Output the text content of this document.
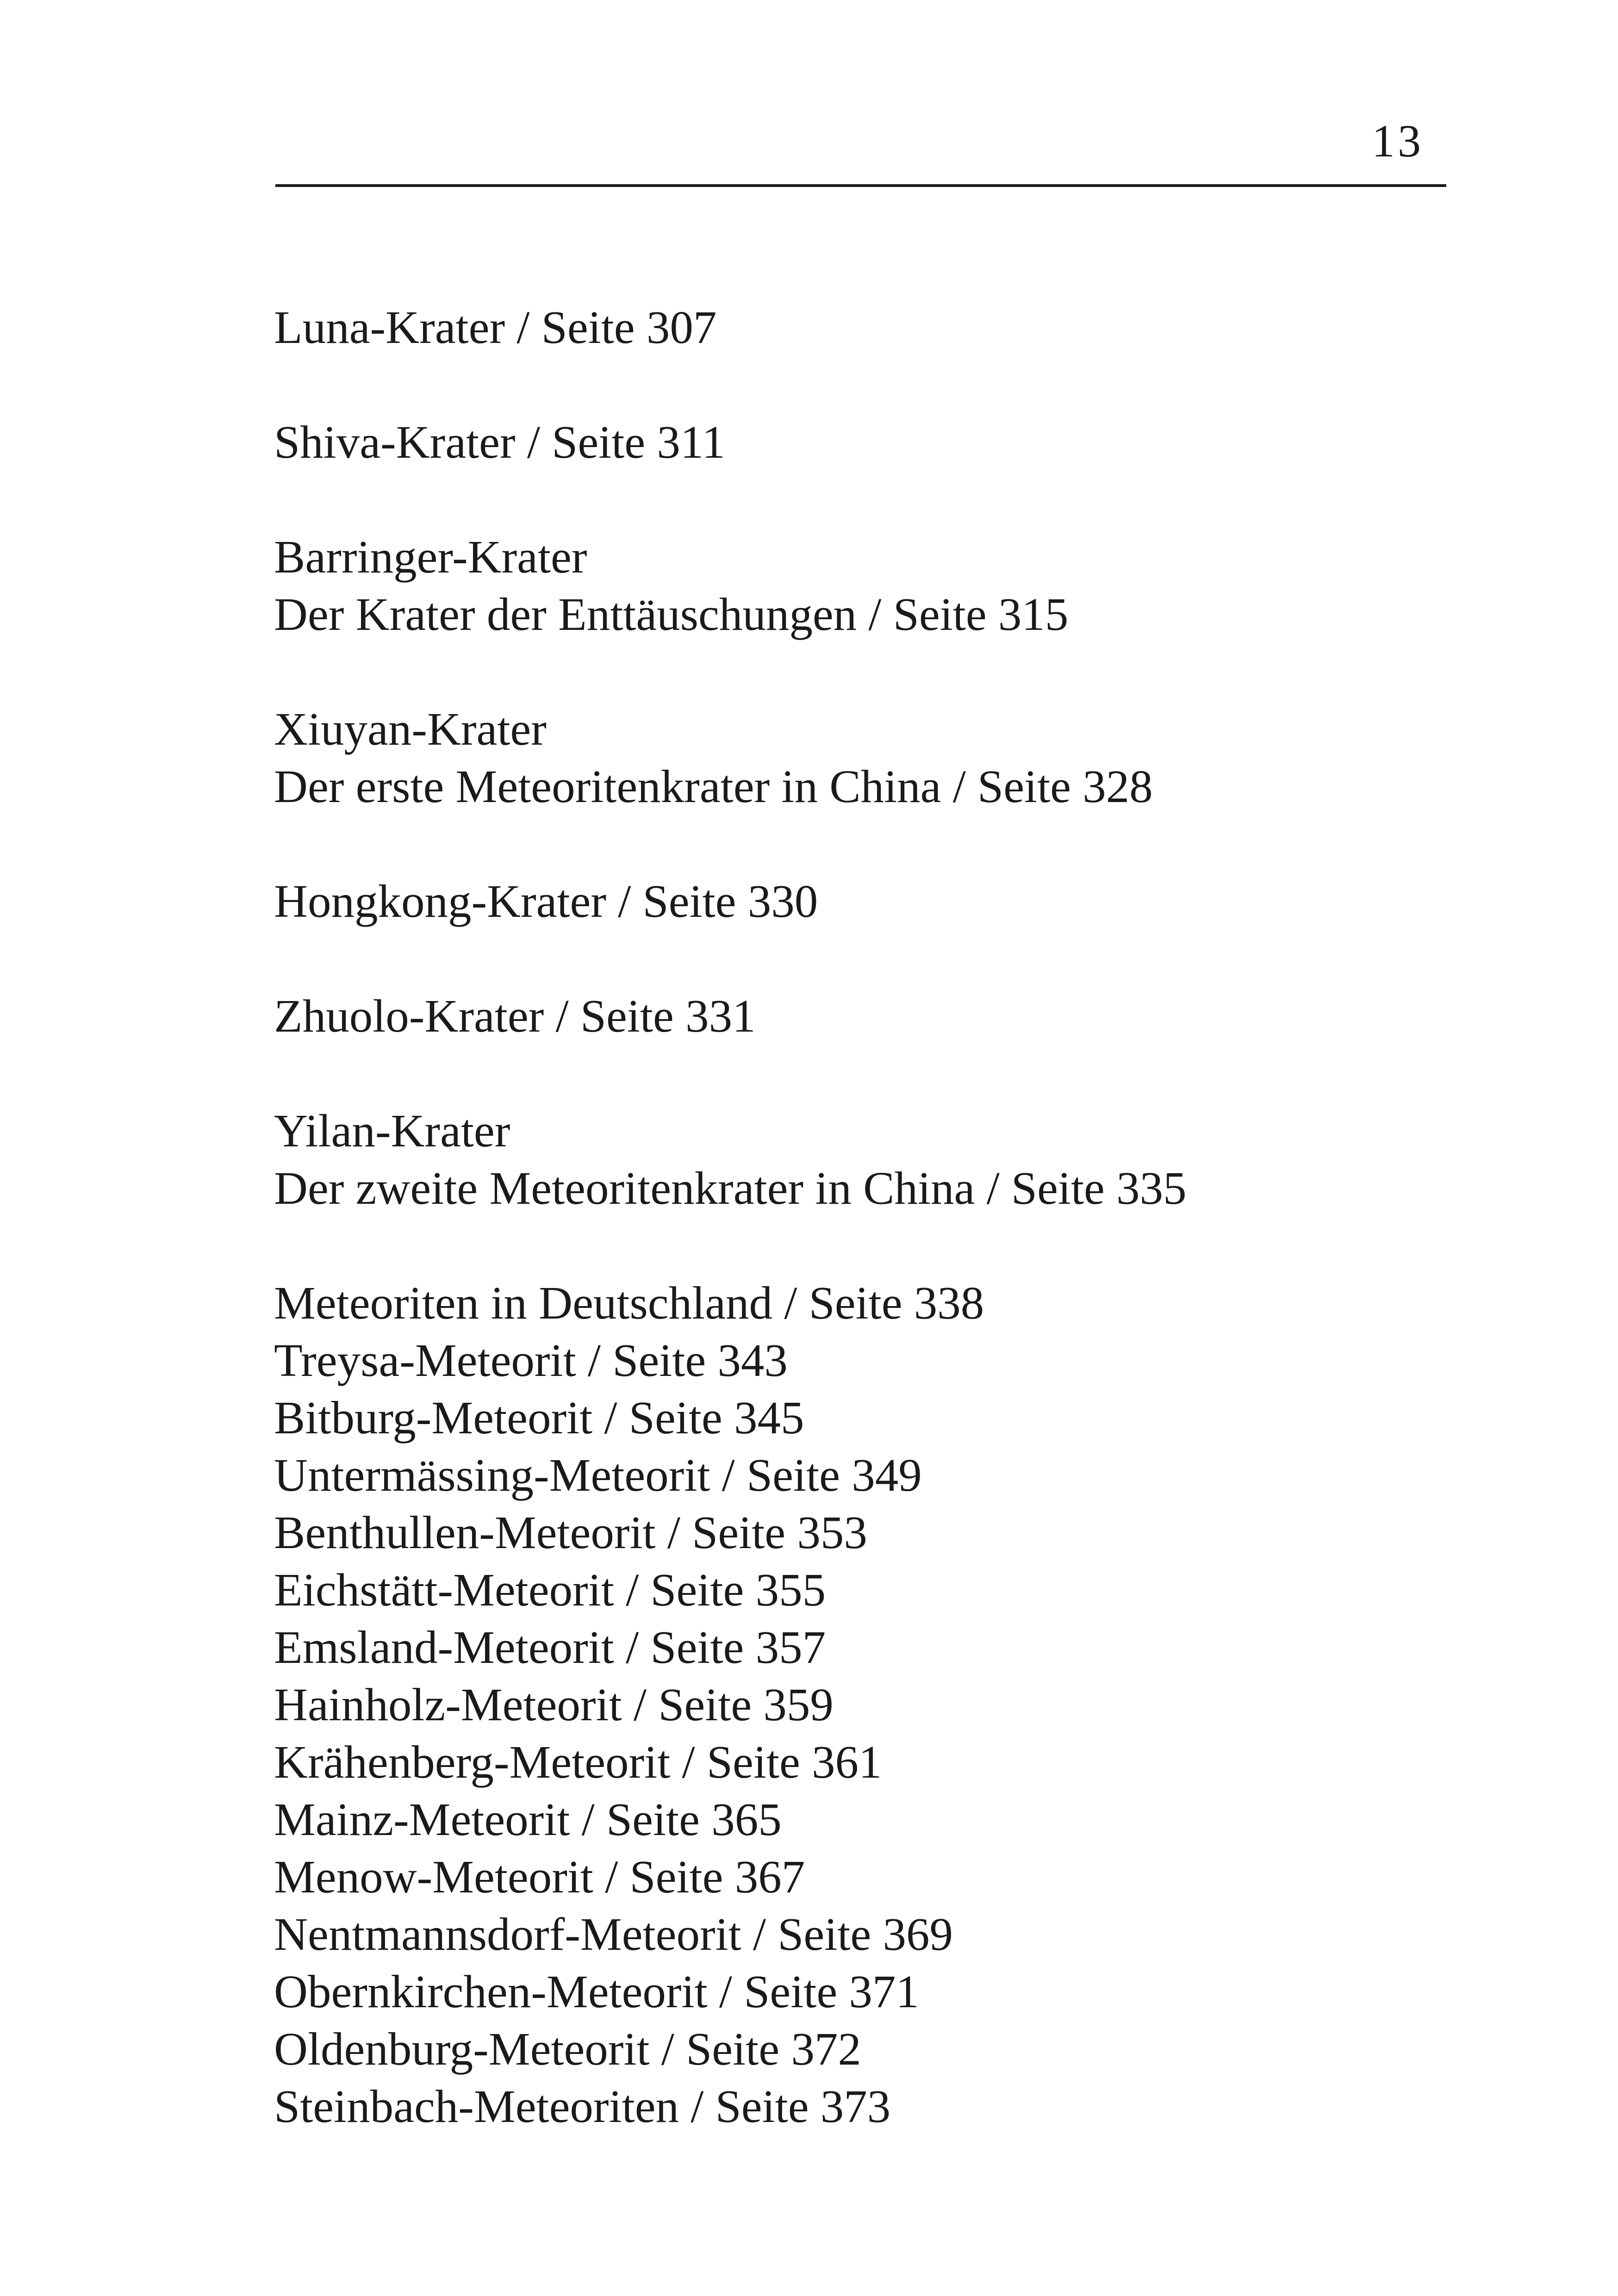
13
Luna-Krater / Seite 307
Shiva-Krater / Seite 311
Barringer-Krater
Der Krater der Enttäuschungen / Seite 315
Xiuyan-Krater
Der erste Meteoritenkrater in China / Seite 328
Hongkong-Krater / Seite 330
Zhuolo-Krater / Seite 331
Yilan-Krater
Der zweite Meteoritenkrater in China / Seite 335
Meteoriten in Deutschland / Seite 338
Treysa-Meteorit / Seite 343
Bitburg-Meteorit / Seite 345
Untermässing-Meteorit / Seite 349
Benthullen-Meteorit / Seite 353
Eichstätt-Meteorit / Seite 355
Emsland-Meteorit / Seite 357
Hainholz-Meteorit / Seite 359
Krähenberg-Meteorit / Seite 361
Mainz-Meteorit / Seite 365
Menow-Meteorit / Seite 367
Nentmannsdorf-Meteorit / Seite 369
Obernkirchen-Meteorit / Seite 371
Oldenburg-Meteorit / Seite 372
Steinbach-Meteoriten / Seite 373
